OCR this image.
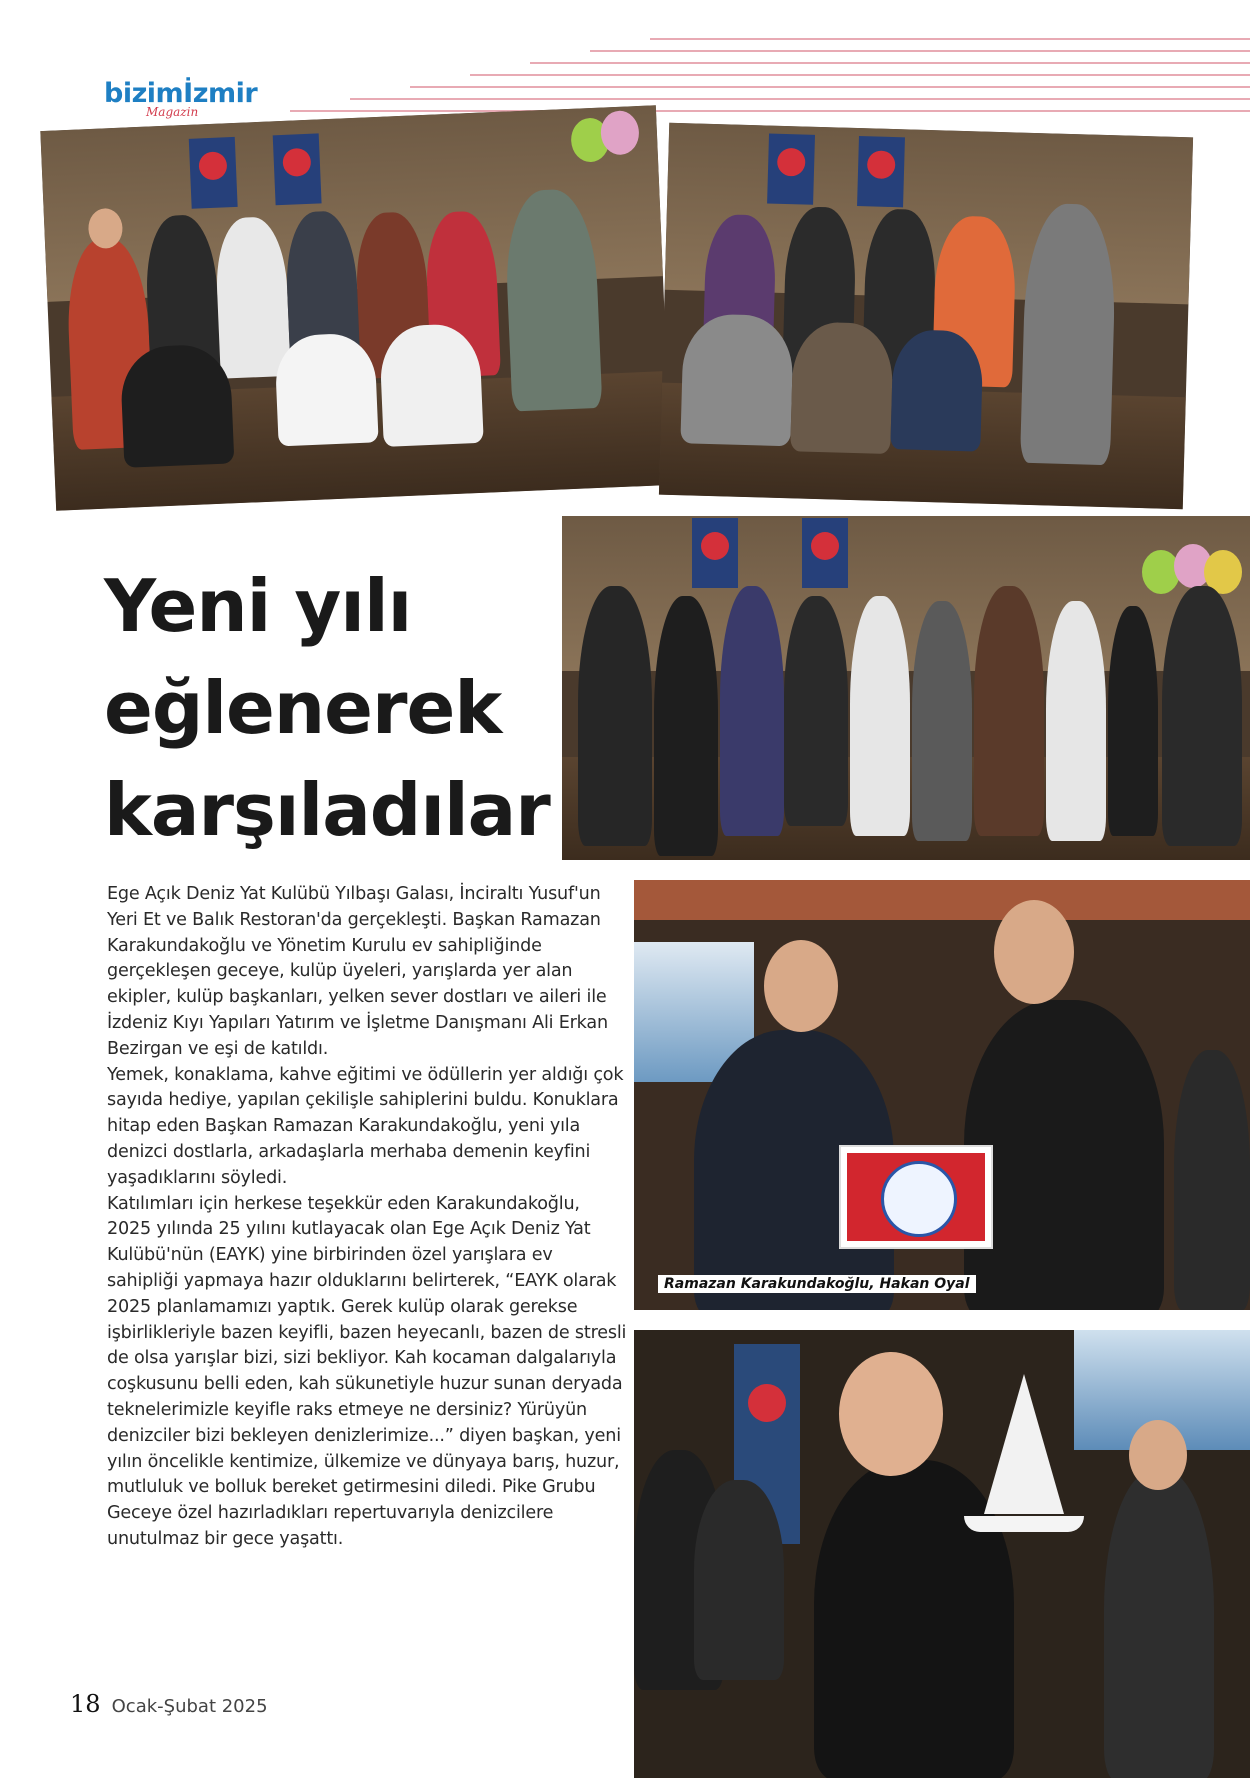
bizimİzmir
Magazin
Yeni yılı
eğlenerek
karşıladılar

Ege Açık Deniz Yat Kulübü Yılbaşı Galası, İnciraltı Yusuf'un Yeri Et ve Balık Restoran'da gerçekleşti. Başkan Ramazan Karakundakoğlu ve Yönetim Kurulu ev sahipliğinde gerçekleşen geceye, kulüp üyeleri, yarışlarda yer alan ekipler, kulüp başkanları, yelken sever dostları ve aileri ile İzdeniz Kıyı Yapıları Yatırım ve İşletme Danışmanı Ali Erkan Bezirgan ve eşi de katıldı.

Yemek, konaklama, kahve eğitimi ve ödüllerin yer aldığı çok sayıda hediye, yapılan çekilişle sahiplerini buldu. Konuklara hitap eden Başkan Ramazan Karakundakoğlu, yeni yıla denizci dostlarla, arkadaşlarla merhaba demenin keyfini yaşadıklarını söyledi.

Katılımları için herkese teşekkür eden Karakundakoğlu, 2025 yılında 25 yılını kutlayacak olan Ege Açık Deniz Yat Kulübü'nün (EAYK) yine birbirinden özel yarışlara ev sahipliği yapmaya hazır olduklarını belirterek, “EAYK olarak 2025 planlamamızı yaptık. Gerek kulüp olarak gerekse işbirlikleriyle bazen keyifli, bazen heyecanlı, bazen de stresli de olsa yarışlar bizi, sizi bekliyor. Kah kocaman dalgalarıyla coşkusunu belli eden, kah sükunetiyle huzur sunan deryada teknelerimizle keyifle raks etmeye ne dersiniz? Yürüyün denizciler bizi bekleyen denizlerimize...” diyen başkan, yeni yılın öncelikle kentimize, ülkemize ve dünyaya barış, huzur, mutluluk ve bolluk bereket getirmesini diledi. Pike Grubu Geceye özel hazırladıkları repertuvarıyla denizcilere unutulmaz bir gece yaşattı.

Ramazan Karakundakoğlu, Hakan Oyal
18 Ocak-Şubat 2025
